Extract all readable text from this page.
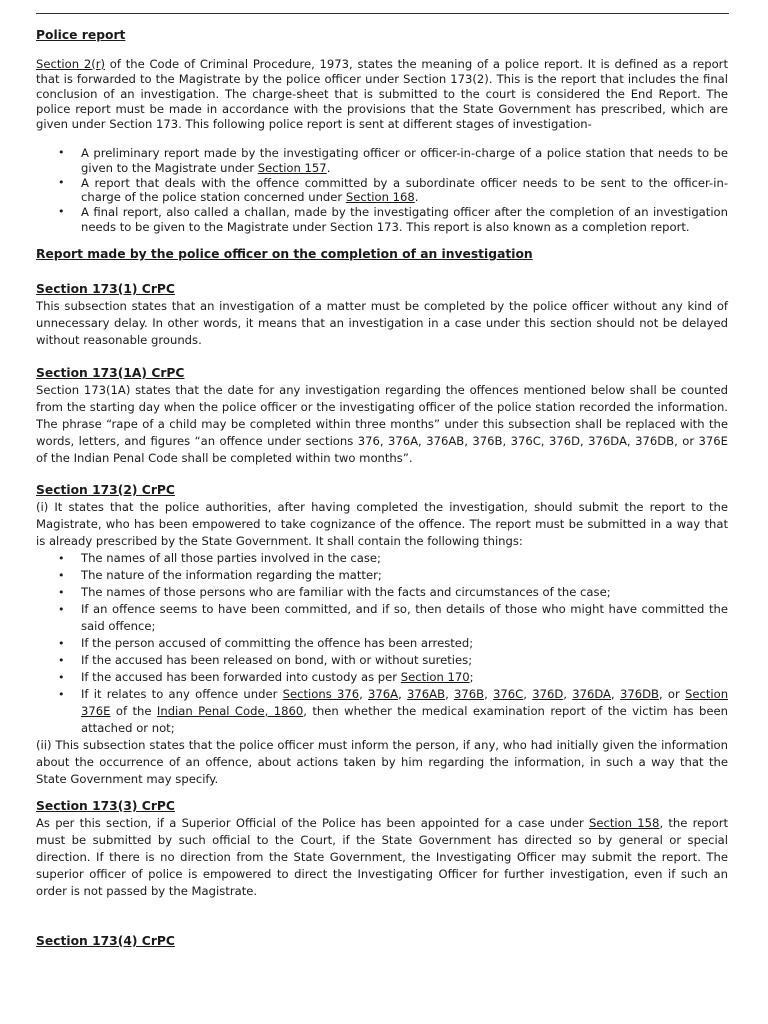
Police report

Section 2(r) of the Code of Criminal Procedure, 1973, states the meaning of a police report. It is defined as a report that is forwarded to the Magistrate by the police officer under Section 173(2). This is the report that includes the final conclusion of an investigation. The charge-sheet that is submitted to the court is considered the End Report. The police report must be made in accordance with the provisions that the State Government has prescribed, which are given under Section 173. This following police report is sent at different stages of investigation-

• A preliminary report made by the investigating officer or officer-in-charge of a police station that needs to be given to the Magistrate under Section 157.
• A report that deals with the offence committed by a subordinate officer needs to be sent to the officer-in-charge of the police station concerned under Section 168.
• A final report, also called a challan, made by the investigating officer after the completion of an investigation needs to be given to the Magistrate under Section 173. This report is also known as a completion report.
Report made by the police officer on the completion of an investigation
Section 173(1) CrPC

This subsection states that an investigation of a matter must be completed by the police officer without any kind of unnecessary delay. In other words, it means that an investigation in a case under this section should not be delayed without reasonable grounds.

Section 173(1A) CrPC

Section 173(1A) states that the date for any investigation regarding the offences mentioned below shall be counted from the starting day when the police officer or the investigating officer of the police station recorded the information. The phrase “rape of a child may be completed within three months” under this subsection shall be replaced with the words, letters, and figures “an offence under sections 376, 376A, 376AB, 376B, 376C, 376D, 376DA, 376DB, or 376E of the Indian Penal Code shall be completed within two months”.

Section 173(2) CrPC

(i) It states that the police authorities, after having completed the investigation, should submit the report to the Magistrate, who has been empowered to take cognizance of the offence. The report must be submitted in a way that is already prescribed by the State Government. It shall contain the following things:

• The names of all those parties involved in the case;
• The nature of the information regarding the matter;
• The names of those persons who are familiar with the facts and circumstances of the case;
• If an offence seems to have been committed, and if so, then details of those who might have committed the said offence;
• If the person accused of committing the offence has been arrested;
• If the accused has been released on bond, with or without sureties;
• If the accused has been forwarded into custody as per Section 170;
• If it relates to any offence under Sections 376, 376A, 376AB, 376B, 376C, 376D, 376DA, 376DB, or Section 376E of the Indian Penal Code, 1860, then whether the medical examination report of the victim has been attached or not;

(ii) This subsection states that the police officer must inform the person, if any, who had initially given the information about the occurrence of an offence, about actions taken by him regarding the information, in such a way that the State Government may specify.

Section 173(3) CrPC

As per this section, if a Superior Official of the Police has been appointed for a case under Section 158, the report must be submitted by such official to the Court, if the State Government has directed so by general or special direction. If there is no direction from the State Government, the Investigating Officer may submit the report. The superior officer of police is empowered to direct the Investigating Officer for further investigation, even if such an order is not passed by the Magistrate.

Section 173(4) CrPC
